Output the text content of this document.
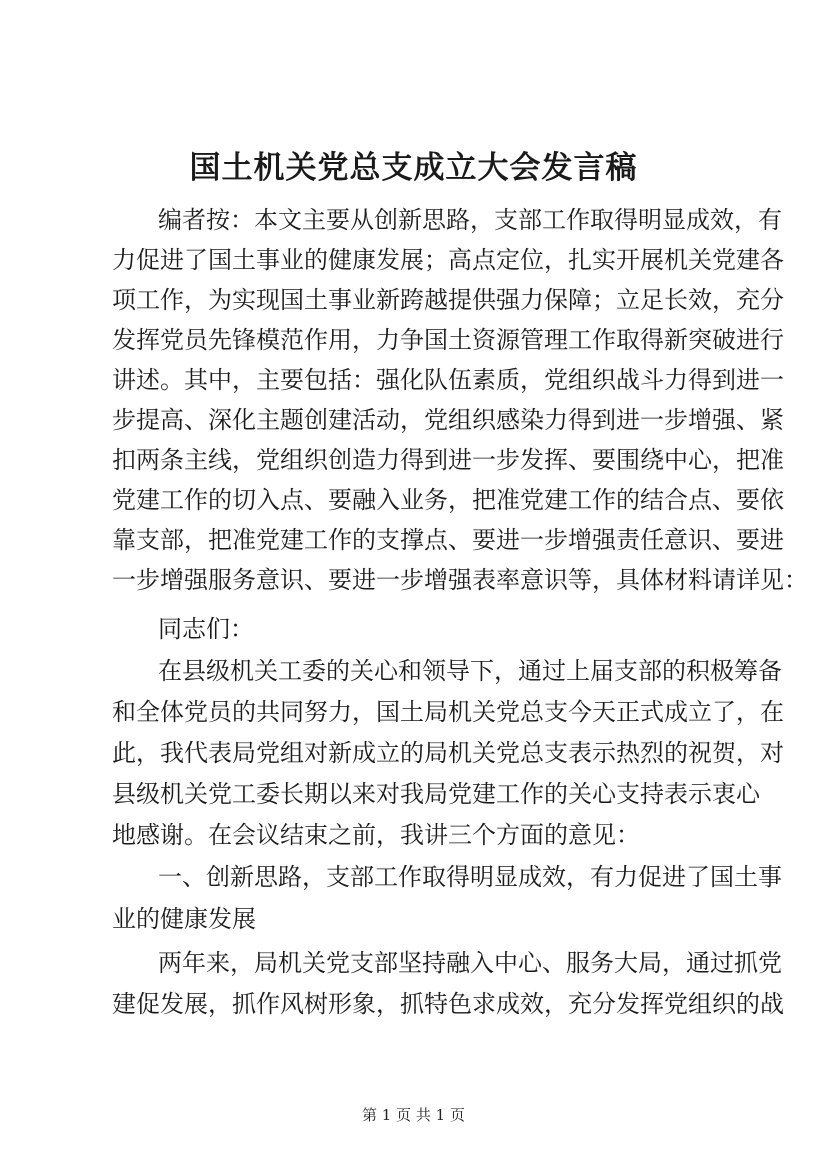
国土机关党总支成立大会发言稿

编者按：本文主要从创新思路，支部工作取得明显成效，有

力促进了国土事业的健康发展；高点定位，扎实开展机关党建各

项工作，为实现国土事业新跨越提供强力保障；立足长效，充分

发挥党员先锋模范作用，力争国土资源管理工作取得新突破进行

讲述。其中，主要包括：强化队伍素质，党组织战斗力得到进一

步提高、深化主题创建活动，党组织感染力得到进一步增强、紧

扣两条主线，党组织创造力得到进一步发挥、要围绕中心，把准

党建工作的切入点、要融入业务，把准党建工作的结合点、要依

靠支部，把准党建工作的支撑点、要进一步增强责任意识、要进

一步增强服务意识、要进一步增强表率意识等，具体材料请详见：

同志们：

在县级机关工委的关心和领导下，通过上届支部的积极筹备

和全体党员的共同努力，国土局机关党总支今天正式成立了，在

此，我代表局党组对新成立的局机关党总支表示热烈的祝贺，对

县级机关党工委长期以来对我局党建工作的关心支持表示衷心

地感谢。在会议结束之前，我讲三个方面的意见：

一、创新思路，支部工作取得明显成效，有力促进了国土事

业的健康发展

两年来，局机关党支部坚持融入中心、服务大局，通过抓党

建促发展，抓作风树形象，抓特色求成效，充分发挥党组织的战

第 1 页 共 1 页
